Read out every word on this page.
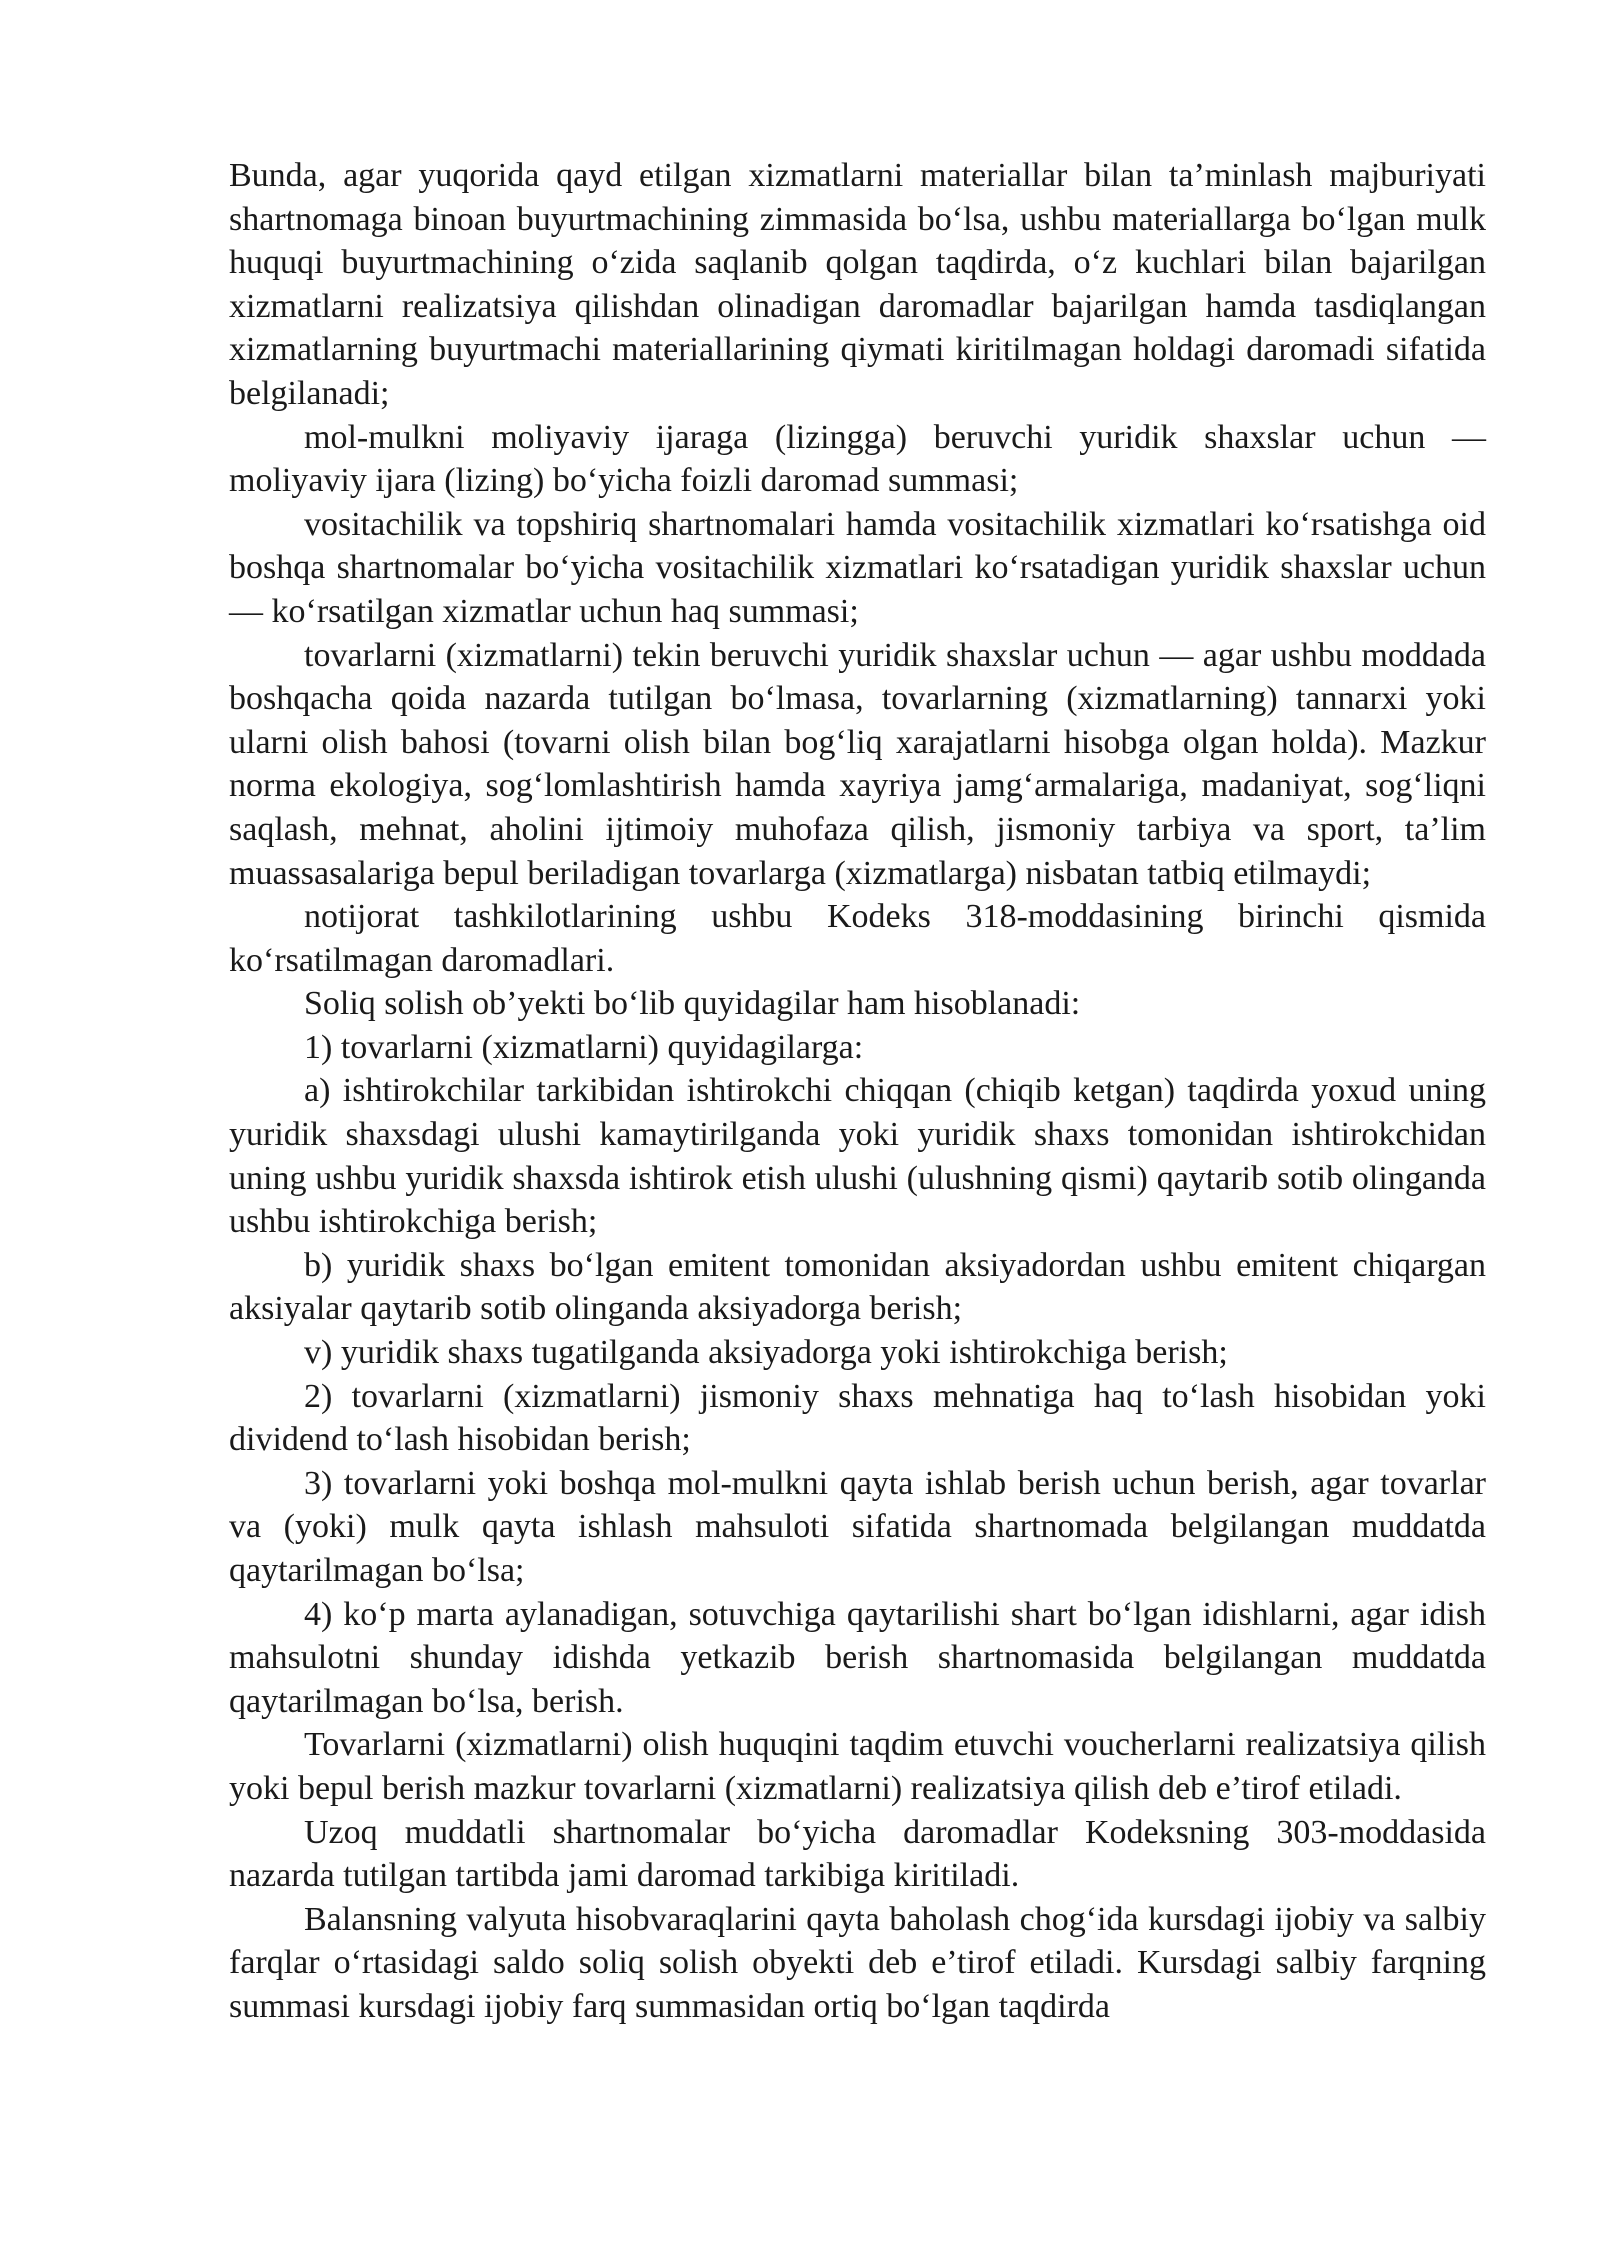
Bunda, agar yuqorida qayd etilgan xizmatlarni materiallar bilan ta’minlash majburiyati shartnomaga binoan buyurtmachining zimmasida bo‘lsa, ushbu materiallarga bo‘lgan mulk huquqi buyurtmachining o‘zida saqlanib qolgan taqdirda, o‘z kuchlari bilan bajarilgan xizmatlarni realizatsiya qilishdan olinadigan daromadlar bajarilgan hamda tasdiqlangan xizmatlarning buyurtmachi materiallarining qiymati kiritilmagan holdagi daromadi sifatida belgilanadi;

mol-mulkni moliyaviy ijaraga (lizingga) beruvchi yuridik shaxslar uchun — moliyaviy ijara (lizing) bo‘yicha foizli daromad summasi;

vositachilik va topshiriq shartnomalari hamda vositachilik xizmatlari ko‘rsatishga oid boshqa shartnomalar bo‘yicha vositachilik xizmatlari ko‘rsatadigan yuridik shaxslar uchun — ko‘rsatilgan xizmatlar uchun haq summasi;

tovarlarni (xizmatlarni) tekin beruvchi yuridik shaxslar uchun — agar ushbu moddada boshqacha qoida nazarda tutilgan bo‘lmasa, tovarlarning (xizmatlarning) tannarxi yoki ularni olish bahosi (tovarni olish bilan bog‘liq xarajatlarni hisobga olgan holda). Mazkur norma ekologiya, sog‘lomlashtirish hamda xayriya jamg‘armalariga, madaniyat, sog‘liqni saqlash, mehnat, aholini ijtimoiy muhofaza qilish, jismoniy tarbiya va sport, ta’lim muassasalariga bepul beriladigan tovarlarga (xizmatlarga) nisbatan tatbiq etilmaydi;

notijorat tashkilotlarining ushbu Kodeks 318-moddasining birinchi qismida ko‘rsatilmagan daromadlari.

Soliq solish ob’yekti bo‘lib quyidagilar ham hisoblanadi:

1) tovarlarni (xizmatlarni) quyidagilarga:

a) ishtirokchilar tarkibidan ishtirokchi chiqqan (chiqib ketgan) taqdirda yoxud uning yuridik shaxsdagi ulushi kamaytirilganda yoki yuridik shaxs tomonidan ishtirokchidan uning ushbu yuridik shaxsda ishtirok etish ulushi (ulushning qismi) qaytarib sotib olinganda ushbu ishtirokchiga berish;

b) yuridik shaxs bo‘lgan emitent tomonidan aksiyadordan ushbu emitent chiqargan aksiyalar qaytarib sotib olinganda aksiyadorga berish;

v) yuridik shaxs tugatilganda aksiyadorga yoki ishtirokchiga berish;

2) tovarlarni (xizmatlarni) jismoniy shaxs mehnatiga haq to‘lash hisobidan yoki dividend to‘lash hisobidan berish;

3) tovarlarni yoki boshqa mol-mulkni qayta ishlab berish uchun berish, agar tovarlar va (yoki) mulk qayta ishlash mahsuloti sifatida shartnomada belgilangan muddatda qaytarilmagan bo‘lsa;

4) ko‘p marta aylanadigan, sotuvchiga qaytarilishi shart bo‘lgan idishlarni, agar idish mahsulotni shunday idishda yetkazib berish shartnomasida belgilangan muddatda qaytarilmagan bo‘lsa, berish.

Tovarlarni (xizmatlarni) olish huquqini taqdim etuvchi voucherlarni realizatsiya qilish yoki bepul berish mazkur tovarlarni (xizmatlarni) realizatsiya qilish deb e’tirof etiladi.

Uzoq muddatli shartnomalar bo‘yicha daromadlar Kodeksning 303-moddasida nazarda tutilgan tartibda jami daromad tarkibiga kiritiladi.

Balansning valyuta hisobvaraqlarini qayta baholash chog‘ida kursdagi ijobiy va salbiy farqlar o‘rtasidagi saldo soliq solish obyekti deb e’tirof etiladi. Kursdagi salbiy farqning summasi kursdagi ijobiy farq summasidan ortiq bo‘lgan taqdirda
